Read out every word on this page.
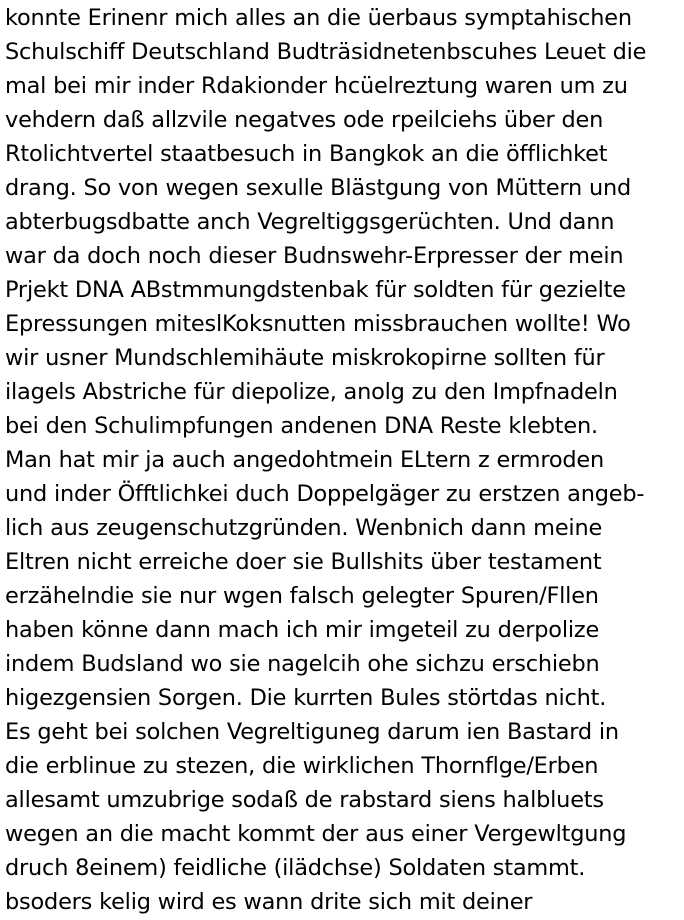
konnte Erinenr mich alles an die üerbaus symptahischen
Schulschiff Deutschland Budträsidnetenbscuhes Leuet die
mal bei mir inder Rdakionder hcüelreztung waren um zu
vehdern daß allzvile negatves ode rpeilciehs über den
Rtolichtvertel staatbesuch in Bangkok an die öfflichket
drang. So von wegen sexulle Blästgung von Müttern und
abterbugsdbatte anch Vegreltiggsgerüchten. Und dann
war da doch noch dieser Budnswehr-Erpresser der mein
Prjekt DNA ABstmmungdstenbak für soldten für gezielte
Epressungen miteslKoksnutten missbrauchen wollte! Wo
wir usner Mundschlemihäute miskrokopirne sollten für
ilagels Abstriche für diepolize, anolg zu den Impfnadeln
bei den Schulimpfungen andenen DNA Reste klebten.
Man hat mir ja auch angedohtmein ELtern z ermroden
und inder Öfftlichkei duch Doppelgäger zu erstzen angeb-
lich aus zeugenschutzgründen. Wenbnich dann meine
Eltren nicht erreiche doer sie Bullshits über testament
erzähelndie sie nur wgen falsch gelegter Spuren/Fllen
haben könne dann mach ich mir imgeteil zu derpolize
indem Budsland wo sie nagelcih ohe sichzu erschiebn
higezgensien Sorgen. Die kurrten Bules störtdas nicht.
Es geht bei solchen Vegreltiguneg darum ien Bastard in
die erblinue zu stezen, die wirklichen Thornflge/Erben
allesamt umzubrige sodaß de rabstard siens halbluets
wegen an die macht kommt der aus einer Vergewltgung
druch 8einem) feidliche (ilädchse) Soldaten stammt.
bsoders kelig wird es wann drite sich mit deiner
